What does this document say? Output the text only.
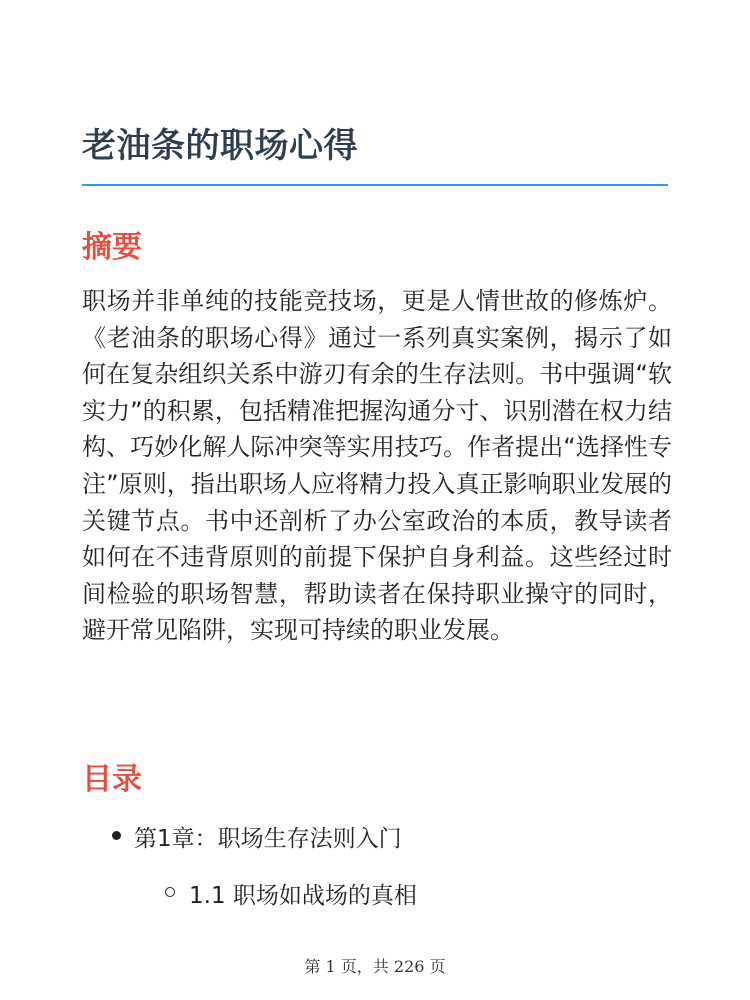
老油条的职场心得
摘要

职场并非单纯的技能竞技场，更是人情世故的修炼炉。《老油条的职场心得》通过一系列真实案例，揭示了如何在复杂组织关系中游刃有余的生存法则。书中强调“软实力”的积累，包括精准把握沟通分寸、识别潜在权力结构、巧妙化解人际冲突等实用技巧。作者提出“选择性专注”原则，指出职场人应将精力投入真正影响职业发展的关键节点。书中还剖析了办公室政治的本质，教导读者如何在不违背原则的前提下保护自身利益。这些经过时间检验的职场智慧，帮助读者在保持职业操守的同时，避开常见陷阱，实现可持续的职业发展。

目录
第1章：职场生存法则入门
1.1 职场如战场的真相
第 1 页，共 226 页
